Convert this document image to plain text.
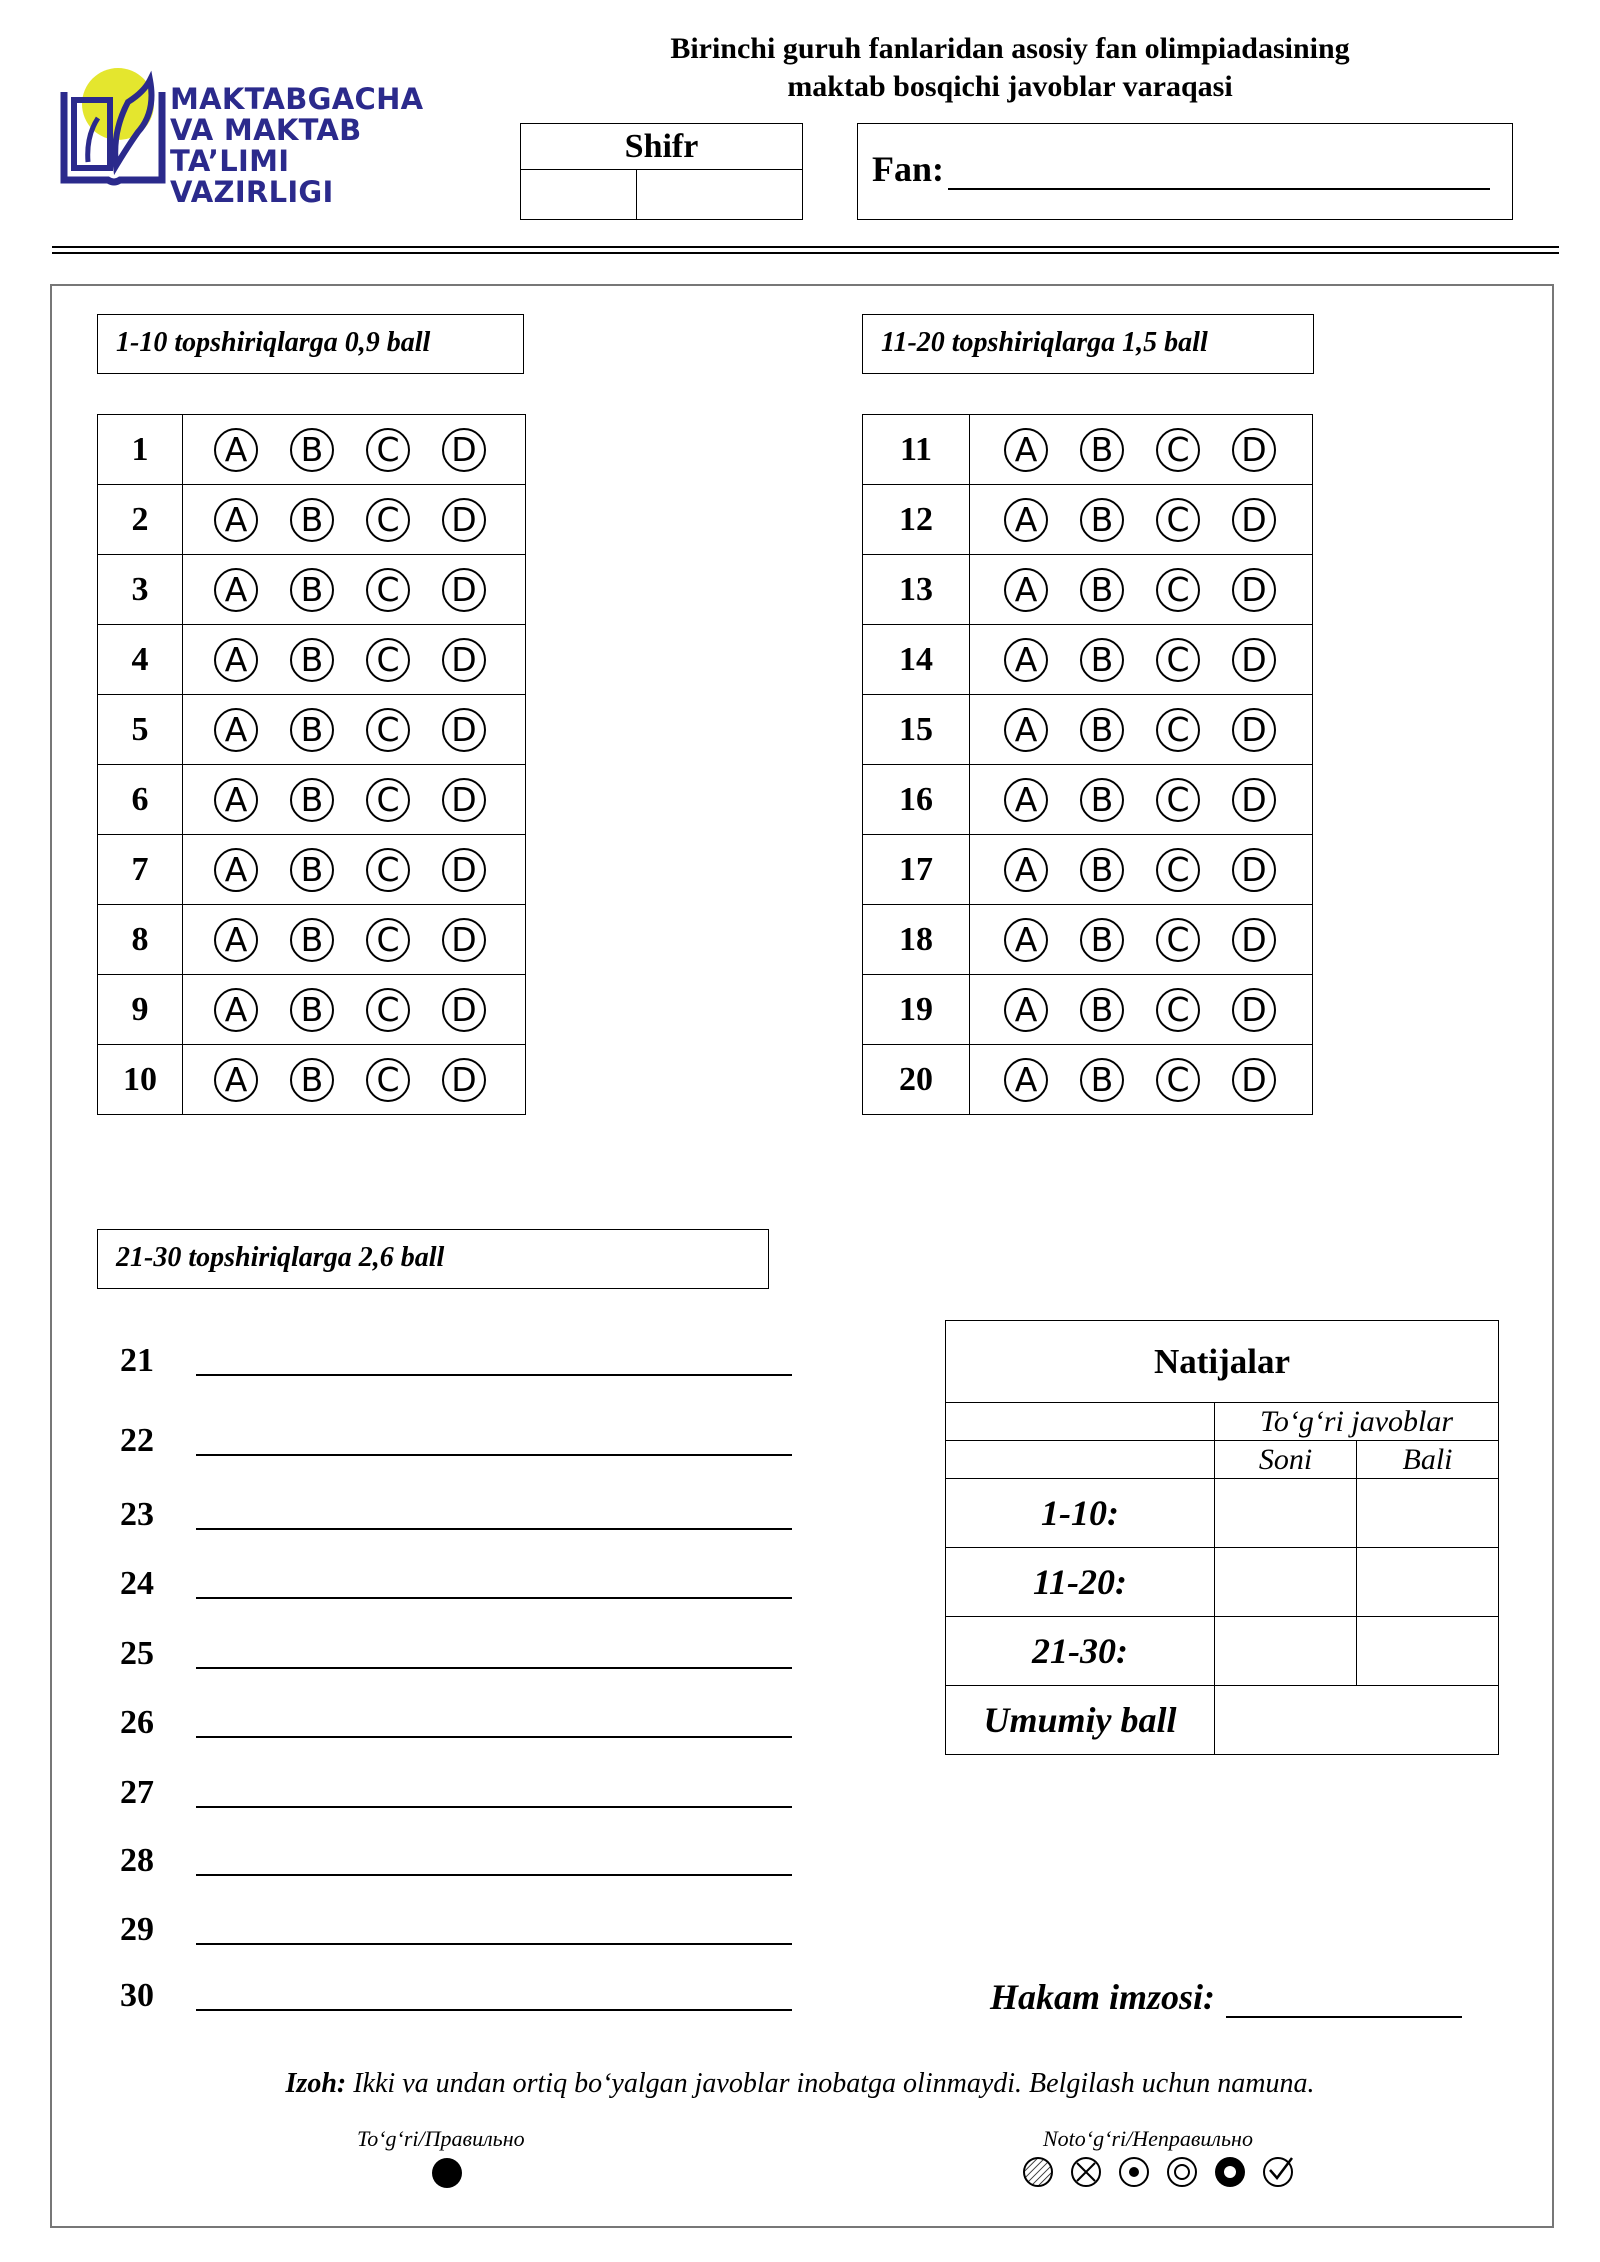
MAKTABGACHA
VA MAKTAB
TA’LIMI VAZIRLIGI
Birinchi guruh fanlaridan asosiy fan olimpiadasining
maktab bosqichi javoblar varaqasi
Shifr
Fan:
1-10 topshiriqlarga 0,9 ball	11-20 topshiriqlarga 1,5 ball
1	A B C D

2	A B C D

3	A B C D

4	A B C D

5	A B C D

6	A B C D

7	A B C D

8	A B C D

9	A B C D

10	A B C D
11	A B C D

12	A B C D

13	A B C D

14	A B C D

15	A B C D

16	A B C D

17	A B C D

18	A B C D

19	A B C D

20	A B C D
21-30 topshiriqlarga 2,6 ball
21
22
23
24
25
26
27
28
29
30
Natijalar		
	To‘g‘ri javoblar	
	Soni	Bali
1-10:		
11-20:		
21-30:		
Umumiy ball		
Hakam imzosi:
Izoh: Ikki va undan ortiq bo‘yalgan javoblar inobatga olinmaydi. Belgilash uchun namuna.
To‘g‘ri/Правильно	Noto‘g‘ri/Неправильно
